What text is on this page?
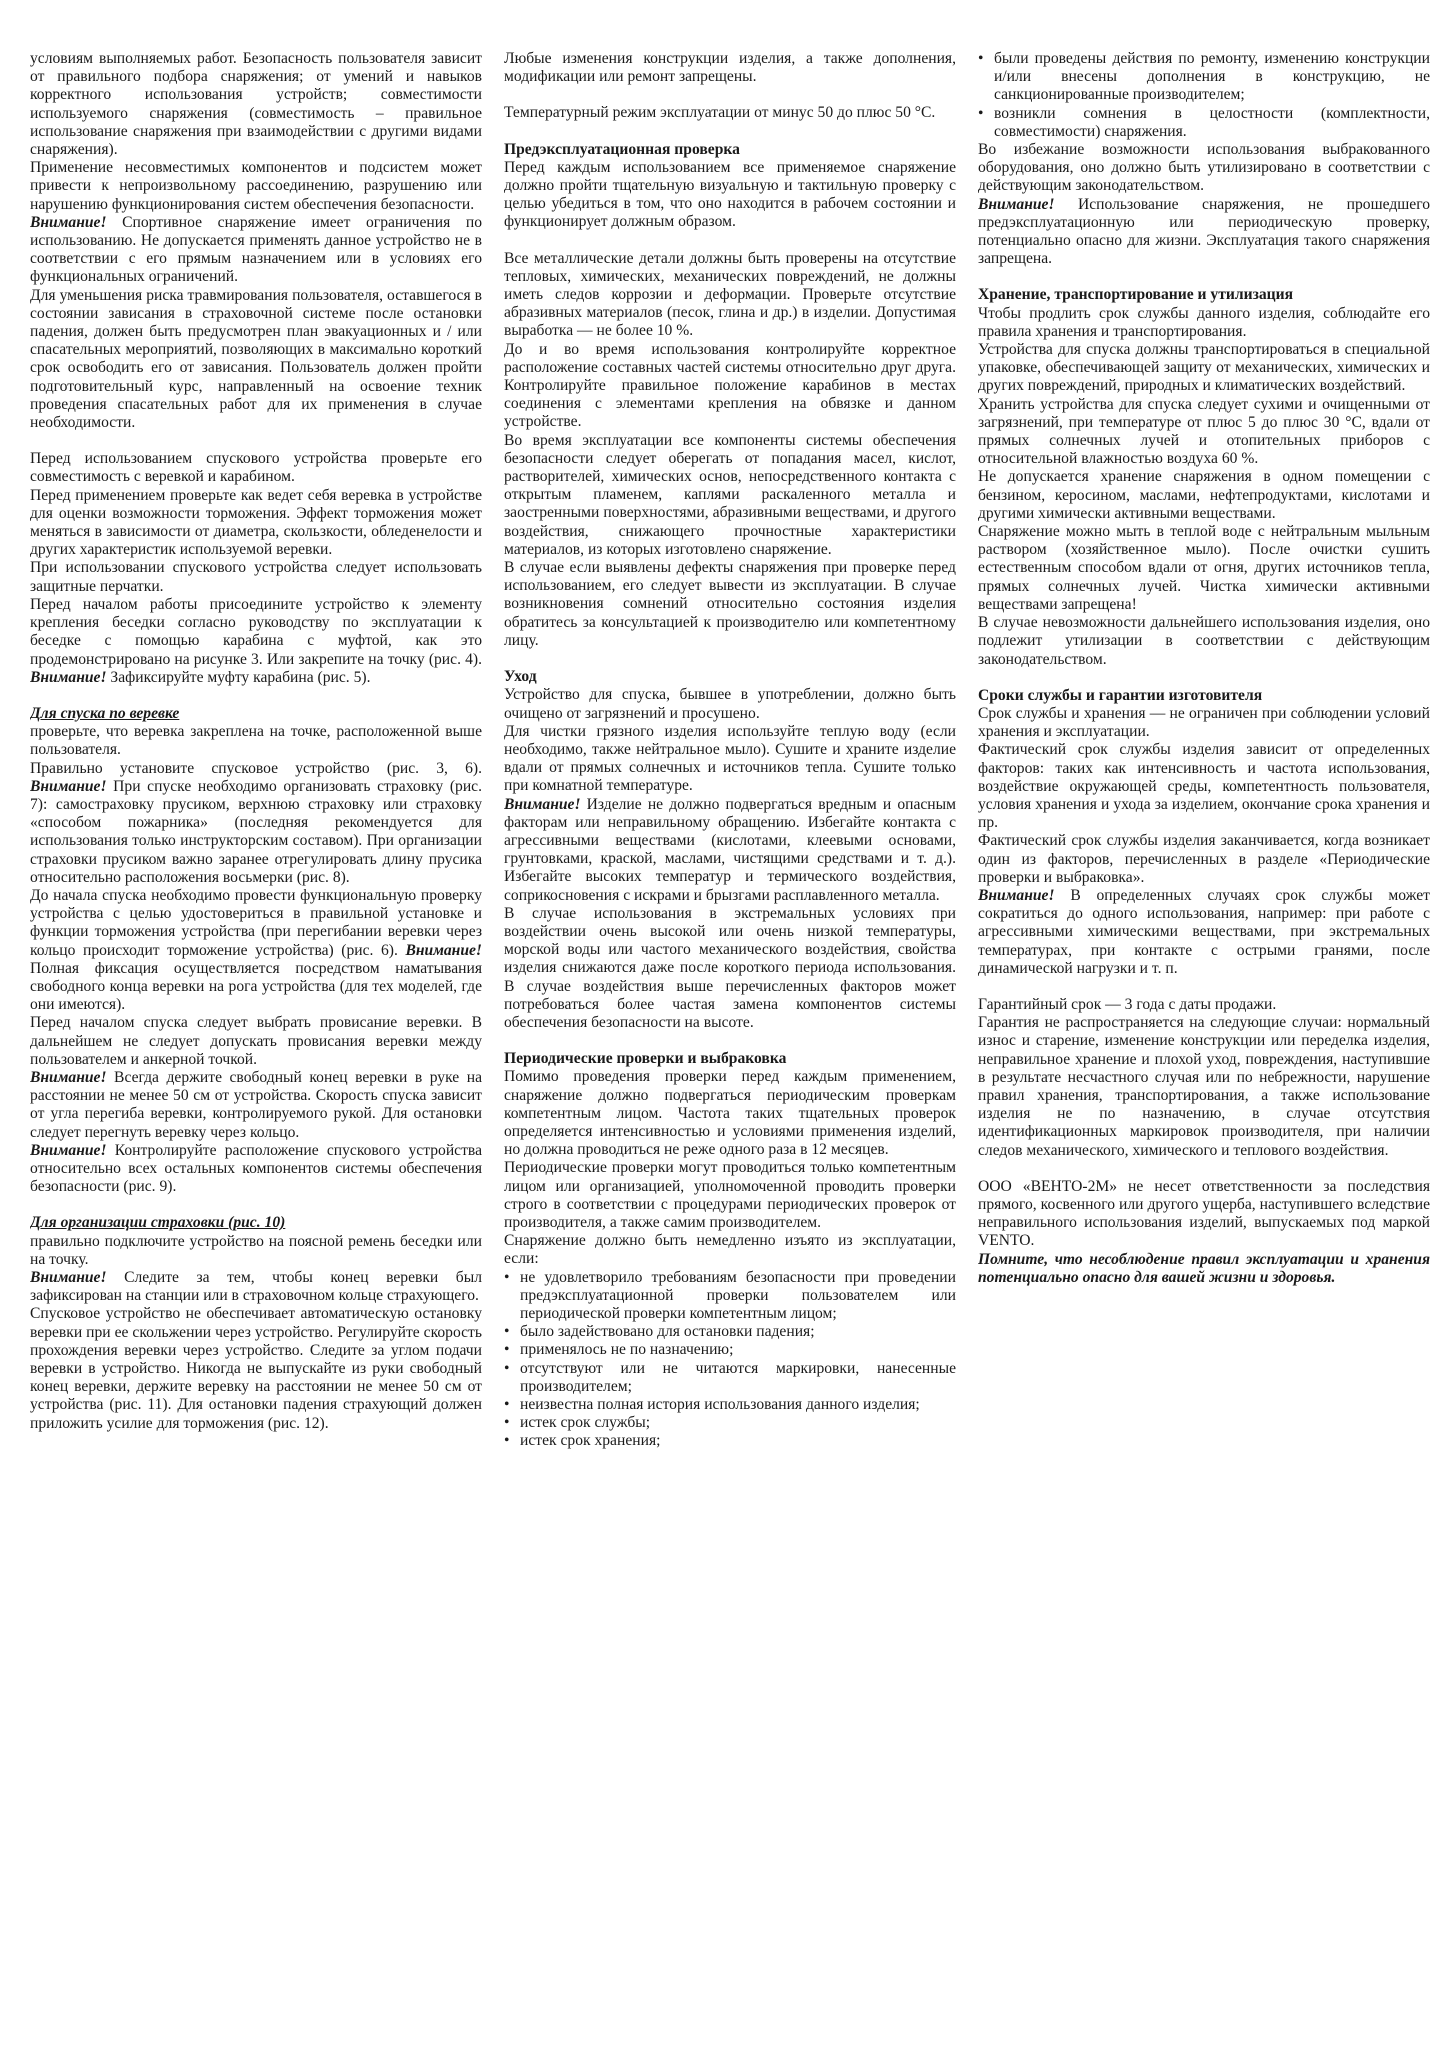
условиям выполняемых работ. Безопасность пользователя зависит от правильного подбора снаряжения; от умений и навыков корректного использования устройств; совместимости используемого снаряжения (совместимость – правильное использование снаряжения при взаимодействии с другими видами снаряжения).

Применение несовместимых компонентов и подсистем может привести к непроизвольному рассоединению, разрушению или нарушению функционирования систем обеспечения безопасности.

Внимание! Спортивное снаряжение имеет ограничения по использованию. Не допускается применять данное устройство не в соответствии с его прямым назначением или в условиях его функциональных ограничений.

Для уменьшения риска травмирования пользователя, оставшегося в состоянии зависания в страховочной системе после остановки падения, должен быть предусмотрен план эвакуационных и / или спасательных мероприятий, позволяющих в максимально короткий срок освободить его от зависания. Пользователь должен пройти подготовительный курс, направленный на освоение техник проведения спасательных работ для их применения в случае необходимости.

Перед использованием спускового устройства проверьте его совместимость с веревкой и карабином.

Перед применением проверьте как ведет себя веревка в устройстве для оценки возможности торможения. Эффект торможения может меняться в зависимости от диаметра, скользкости, обледенелости и других характеристик используемой веревки.

При использовании спускового устройства следует использовать защитные перчатки.

Перед началом работы присоедините устройство к элементу крепления беседки согласно руководству по эксплуатации к беседке с помощью карабина с муфтой, как это продемонстрировано на рисунке 3. Или закрепите на точку (рис. 4). Внимание! Зафиксируйте муфту карабина (рис. 5).

Для спуска по веревке

проверьте, что веревка закреплена на точке, расположенной выше пользователя.

Правильно установите спусковое устройство (рис. 3, 6). Внимание! При спуске необходимо организовать страховку (рис. 7): самостраховку прусиком, верхнюю страховку или страховку «способом пожарника» (последняя рекомендуется для использования только инструкторским составом). При организации страховки прусиком важно заранее отрегулировать длину прусика относительно расположения восьмерки (рис. 8).

До начала спуска необходимо провести функциональную проверку устройства с целью удостовериться в правильной установке и функции торможения устройства (при перегибании веревки через кольцо происходит торможение устройства) (рис. 6). Внимание! Полная фиксация осуществляется посредством наматывания свободного конца веревки на рога устройства (для тех моделей, где они имеются).

Перед началом спуска следует выбрать провисание веревки. В дальнейшем не следует допускать провисания веревки между пользователем и анкерной точкой.

Внимание! Всегда держите свободный конец веревки в руке на расстоянии не менее 50 см от устройства. Скорость спуска зависит от угла перегиба веревки, контролируемого рукой. Для остановки следует перегнуть веревку через кольцо.

Внимание! Контролируйте расположение спускового устройства относительно всех остальных компонентов системы обеспечения безопасности (рис. 9).

Для организации страховки (рис. 10)

правильно подключите устройство на поясной ремень беседки или на точку.

Внимание! Следите за тем, чтобы конец веревки был зафиксирован на станции или в страховочном кольце страхующего.

Спусковое устройство не обеспечивает автоматическую остановку веревки при ее скольжении через устройство. Регулируйте скорость прохождения веревки через устройство. Следите за углом подачи веревки в устройство. Никогда не выпускайте из руки свободный конец веревки, держите веревку на расстоянии не менее 50 см от устройства (рис. 11). Для остановки падения страхующий должен приложить усилие для торможения (рис. 12).

Любые изменения конструкции изделия, а также дополнения, модификации или ремонт запрещены.

Температурный режим эксплуатации от минус 50 до плюс 50 °С.

Предэксплуатационная проверка

Перед каждым использованием все применяемое снаряжение должно пройти тщательную визуальную и тактильную проверку с целью убедиться в том, что оно находится в рабочем состоянии и функционирует должным образом.

Все металлические детали должны быть проверены на отсутствие тепловых, химических, механических повреждений, не должны иметь следов коррозии и деформации. Проверьте отсутствие абразивных материалов (песок, глина и др.) в изделии. Допустимая выработка — не более 10 %.

До и во время использования контролируйте корректное расположение составных частей системы относительно друг друга. Контролируйте правильное положение карабинов в местах соединения с элементами крепления на обвязке и данном устройстве.

Во время эксплуатации все компоненты системы обеспечения безопасности следует оберегать от попадания масел, кислот, растворителей, химических основ, непосредственного контакта с открытым пламенем, каплями раскаленного металла и заостренными поверхностями, абразивными веществами, и другого воздействия, снижающего прочностные характеристики материалов, из которых изготовлено снаряжение.

В случае если выявлены дефекты снаряжения при проверке перед использованием, его следует вывести из эксплуатации. В случае возникновения сомнений относительно состояния изделия обратитесь за консультацией к производителю или компетентному лицу.

Уход

Устройство для спуска, бывшее в употреблении, должно быть очищено от загрязнений и просушено.

Для чистки грязного изделия используйте теплую воду (если необходимо, также нейтральное мыло). Сушите и храните изделие вдали от прямых солнечных и источников тепла. Сушите только при комнатной температуре.

Внимание! Изделие не должно подвергаться вредным и опасным факторам или неправильному обращению. Избегайте контакта с агрессивными веществами (кислотами, клеевыми основами, грунтовками, краской, маслами, чистящими средствами и т. д.). Избегайте высоких температур и термического воздействия, соприкосновения с искрами и брызгами расплавленного металла.

В случае использования в экстремальных условиях при воздействии очень высокой или очень низкой температуры, морской воды или частого механического воздействия, свойства изделия снижаются даже после короткого периода использования. В случае воздействия выше перечисленных факторов может потребоваться более частая замена компонентов системы обеспечения безопасности на высоте.

Периодические проверки и выбраковка

Помимо проведения проверки перед каждым применением, снаряжение должно подвергаться периодическим проверкам компетентным лицом. Частота таких тщательных проверок определяется интенсивностью и условиями применения изделий, но должна проводиться не реже одного раза в 12 месяцев.

Периодические проверки могут проводиться только компетентным лицом или организацией, уполномоченной проводить проверки строго в соответствии с процедурами периодических проверок от производителя, а также самим производителем.

Снаряжение должно быть немедленно изъято из эксплуатации, если:

• не удовлетворило требованиям безопасности при проведении предэксплуатационной проверки пользователем или периодической проверки компетентным лицом;

• было задействовано для остановки падения;

• применялось не по назначению;

• отсутствуют или не читаются маркировки, нанесенные производителем;

• неизвестна полная история использования данного изделия;

• истек срок службы;

• истек срок хранения;

• были проведены действия по ремонту, изменению конструкции и/или внесены дополнения в конструкцию, не санкционированные производителем;

• возникли сомнения в целостности (комплектности, совместимости) снаряжения.

Во избежание возможности использования выбракованного оборудования, оно должно быть утилизировано в соответствии с действующим законодательством.

Внимание! Использование снаряжения, не прошедшего предэксплуатационную или периодическую проверку, потенциально опасно для жизни. Эксплуатация такого снаряжения запрещена.

Хранение, транспортирование и утилизация

Чтобы продлить срок службы данного изделия, соблюдайте его правила хранения и транспортирования.

Устройства для спуска должны транспортироваться в специальной упаковке, обеспечивающей защиту от механических, химических и других повреждений, природных и климатических воздействий.

Хранить устройства для спуска следует сухими и очищенными от загрязнений, при температуре от плюс 5 до плюс 30 °С, вдали от прямых солнечных лучей и отопительных приборов с относительной влажностью воздуха 60 %.

Не допускается хранение снаряжения в одном помещении с бензином, керосином, маслами, нефтепродуктами, кислотами и другими химически активными веществами.

Снаряжение можно мыть в теплой воде с нейтральным мыльным раствором (хозяйственное мыло). После очистки сушить естественным способом вдали от огня, других источников тепла, прямых солнечных лучей. Чистка химически активными веществами запрещена!

В случае невозможности дальнейшего использования изделия, оно подлежит утилизации в соответствии с действующим законодательством.

Сроки службы и гарантии изготовителя

Срок службы и хранения — не ограничен при соблюдении условий хранения и эксплуатации.

Фактический срок службы изделия зависит от определенных факторов: таких как интенсивность и частота использования, воздействие окружающей среды, компетентность пользователя, условия хранения и ухода за изделием, окончание срока хранения и пр.

Фактический срок службы изделия заканчивается, когда возникает один из факторов, перечисленных в разделе «Периодические проверки и выбраковка».

Внимание! В определенных случаях срок службы может сократиться до одного использования, например: при работе с агрессивными химическими веществами, при экстремальных температурах, при контакте с острыми гранями, после динамической нагрузки и т. п.

Гарантийный срок — 3 года с даты продажи.

Гарантия не распространяется на следующие случаи: нормальный износ и старение, изменение конструкции или переделка изделия, неправильное хранение и плохой уход, повреждения, наступившие в результате несчастного случая или по небрежности, нарушение правил хранения, транспортирования, а также использование изделия не по назначению, в случае отсутствия идентификационных маркировок производителя, при наличии следов механического, химического и теплового воздействия.

ООО «ВЕНТО-2М» не несет ответственности за последствия прямого, косвенного или другого ущерба, наступившего вследствие неправильного использования изделий, выпускаемых под маркой VENTO.

Помните, что несоблюдение правил эксплуатации и хранения потенциально опасно для вашей жизни и здоровья.
